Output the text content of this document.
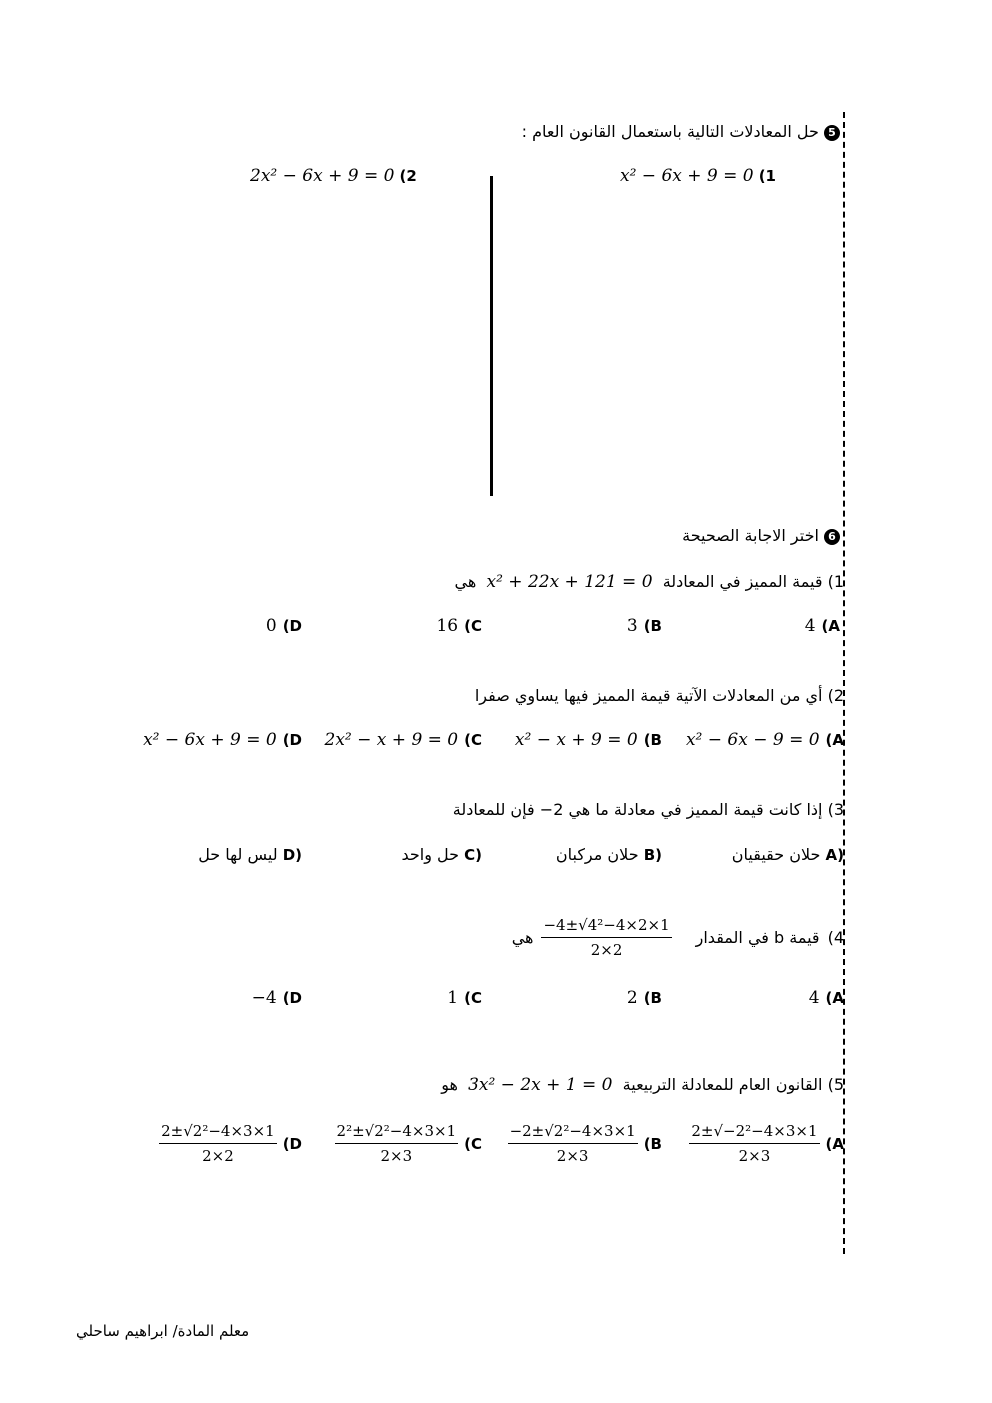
5 حل المعادلات التالية باستعمال القانون العام :
x² − 6x + 9 = 0 (1
2x² − 6x + 9 = 0 (2
6 اختر الاجابة الصحيحة
1) قيمة المميز في المعادلة  x² + 22x + 121 = 0  هي
4 (A
3 (B
16 (C
0 (D
2) أي من المعادلات الآتية قيمة المميز فيها يساوي صفرا
x² − 6x − 9 = 0 (A
x² − x + 9 = 0 (B
2x² − x + 9 = 0 (C
x² − 6x + 9 = 0 (D
3) إذا كانت قيمة المميز في معادلة ما هي 2− فإن للمعادلة
(A حلان حقيقيان
(B حلان مركبان
(C حل واحد
(D ليس لها حل
4)
قيمة b في المقدار
$\frac{\text{−4±√4²−4×2×1}}{2\times 2}$
هي
4 (A
2 (B
1 (C
−4 (D
5) القانون العام للمعادلة التربيعية  3x² − 2x + 1 = 0  هو
$\frac{\text{2±√−2²−4×3×1}}{2\times 3} (A$
$\frac{\text{−2±√2²−4×3×1}}{2\times 3} (B$
$\frac{\text{2²±√2²−4×3×1}}{2\times 3} (C$
$\frac{\text{2±√2²−4×3×1}}{2\times 2} (D$
معلم المادة/ ابراهيم ساحلي
